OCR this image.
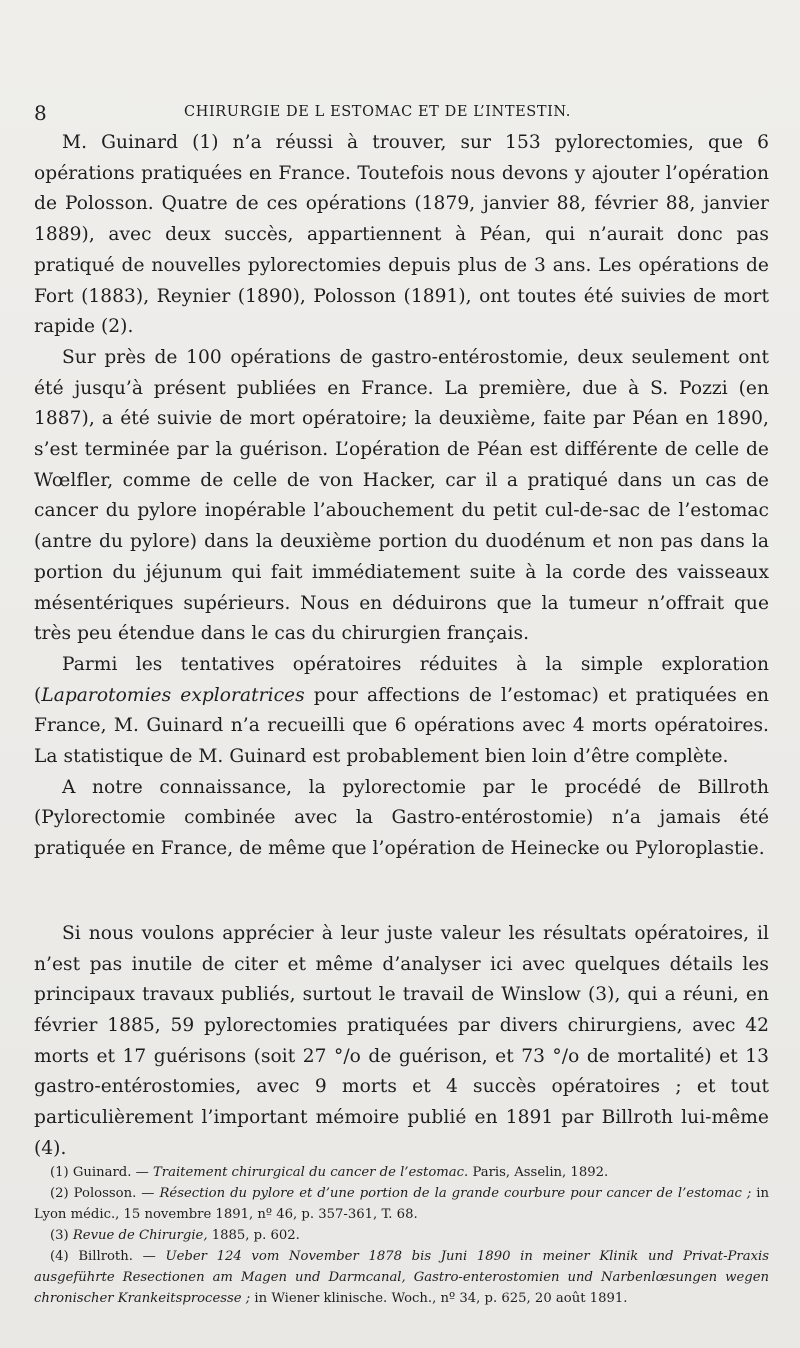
8	CHIRURGIE DE L ESTOMAC ET DE L’INTESTIN.

M. Guinard (1) n’a réussi à trouver, sur 153 pylorectomies, que 6 opérations pratiquées en France. Toutefois nous devons y ajouter l’opération de Polosson. Quatre de ces opérations (1879, janvier 88, février 88, janvier 1889), avec deux succès, appartiennent à Péan, qui n’aurait donc pas pratiqué de nouvelles pylorectomies depuis plus de 3 ans. Les opérations de Fort (1883), Reynier (1890), Polosson (1891), ont toutes été suivies de mort rapide (2).

Sur près de 100 opérations de gastro-entérostomie, deux seulement ont été jusqu’à présent publiées en France. La première, due à S. Pozzi (en 1887), a été suivie de mort opératoire; la deuxième, faite par Péan en 1890, s’est terminée par la guérison. L’opération de Péan est différente de celle de Wœlfler, comme de celle de von Hacker, car il a pratiqué dans un cas de cancer du pylore inopérable l’abouchement du petit cul-de-sac de l’estomac (antre du pylore) dans la deuxième portion du duodénum et non pas dans la portion du jéjunum qui fait immédiatement suite à la corde des vaisseaux mésentériques supérieurs. Nous en déduirons que la tumeur n’offrait que très peu étendue dans le cas du chirurgien français.

Parmi les tentatives opératoires réduites à la simple exploration (Laparotomies exploratrices pour affections de l’estomac) et pratiquées en France, M. Guinard n’a recueilli que 6 opérations avec 4 morts opératoires. La statistique de M. Guinard est probablement bien loin d’être complète.

A notre connaissance, la pylorectomie par le procédé de Billroth (Pylorectomie combinée avec la Gastro-entérostomie) n’a jamais été pratiquée en France, de même que l’opération de Heinecke ou Pyloroplastie.

Si nous voulons apprécier à leur juste valeur les résultats opératoires, il n’est pas inutile de citer et même d’analyser ici avec quelques détails les principaux travaux publiés, surtout le travail de Winslow (3), qui a réuni, en février 1885, 59 pylorectomies pratiquées par divers chirurgiens, avec 42 morts et 17 guérisons (soit 27 °/o de guérison, et 73 °/o de mortalité) et 13 gastro-entérostomies, avec 9 morts et 4 succès opératoires ; et tout particulièrement l’important mémoire publié en 1891 par Billroth lui-même (4).

(1) Guinard. — Traitement chirurgical du cancer de l’estomac. Paris, Asselin, 1892.

(2) Polosson. — Résection du pylore et d’une portion de la grande courbure pour cancer de l’estomac ; in Lyon médic., 15 novembre 1891, nº 46, p. 357-361, T. 68.

(3) Revue de Chirurgie, 1885, p. 602.

(4) Billroth. — Ueber 124 vom November 1878 bis Juni 1890 in meiner Klinik und Privat-Praxis ausgeführte Resectionen am Magen und Darmcanal, Gastro-enterostomien und Narbenlœsungen wegen chronischer Krankeitsprocesse ; in Wiener klinische. Woch., nº 34, p. 625, 20 août 1891.
